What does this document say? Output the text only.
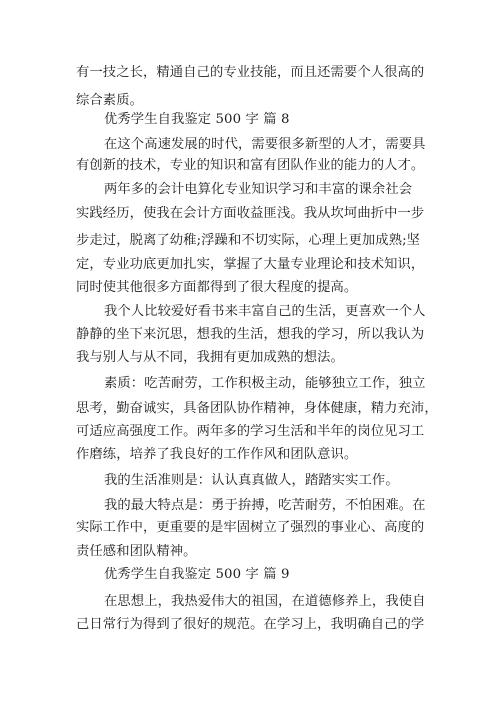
有一技之长，精通自己的专业技能，而且还需要个人很高的
综合素质。
优秀学生自我鉴定 500 字 篇 8
在这个高速发展的时代，需要很多新型的人才，需要具
有创新的技术，专业的知识和富有团队作业的能力的人才。
两年多的会计电算化专业知识学习和丰富的课余社会
实践经历，使我在会计方面收益匪浅。我从坎坷曲折中一步
步走过，脱离了幼稚;浮躁和不切实际，心理上更加成熟;坚
定，专业功底更加扎实，掌握了大量专业理论和技术知识，
同时使其他很多方面都得到了很大程度的提高。
我个人比较爱好看书来丰富自己的生活，更喜欢一个人
静静的坐下来沉思，想我的生活，想我的学习，所以我认为
我与别人与从不同，我拥有更加成熟的想法。
素质：吃苦耐劳，工作积极主动，能够独立工作，独立
思考，勤奋诚实，具备团队协作精神，身体健康，精力充沛，
可适应高强度工作。两年多的学习生活和半年的岗位见习工
作磨练，培养了我良好的工作作风和团队意识。
我的生活准则是：认认真真做人，踏踏实实工作。
我的最大特点是：勇于拚搏，吃苦耐劳，不怕困难。在
实际工作中，更重要的是牢固树立了强烈的事业心、高度的
责任感和团队精神。
优秀学生自我鉴定 500 字 篇 9
在思想上，我热爱伟大的祖国，在道德修养上，我使自
己日常行为得到了很好的规范。在学习上，我明确自己的学
